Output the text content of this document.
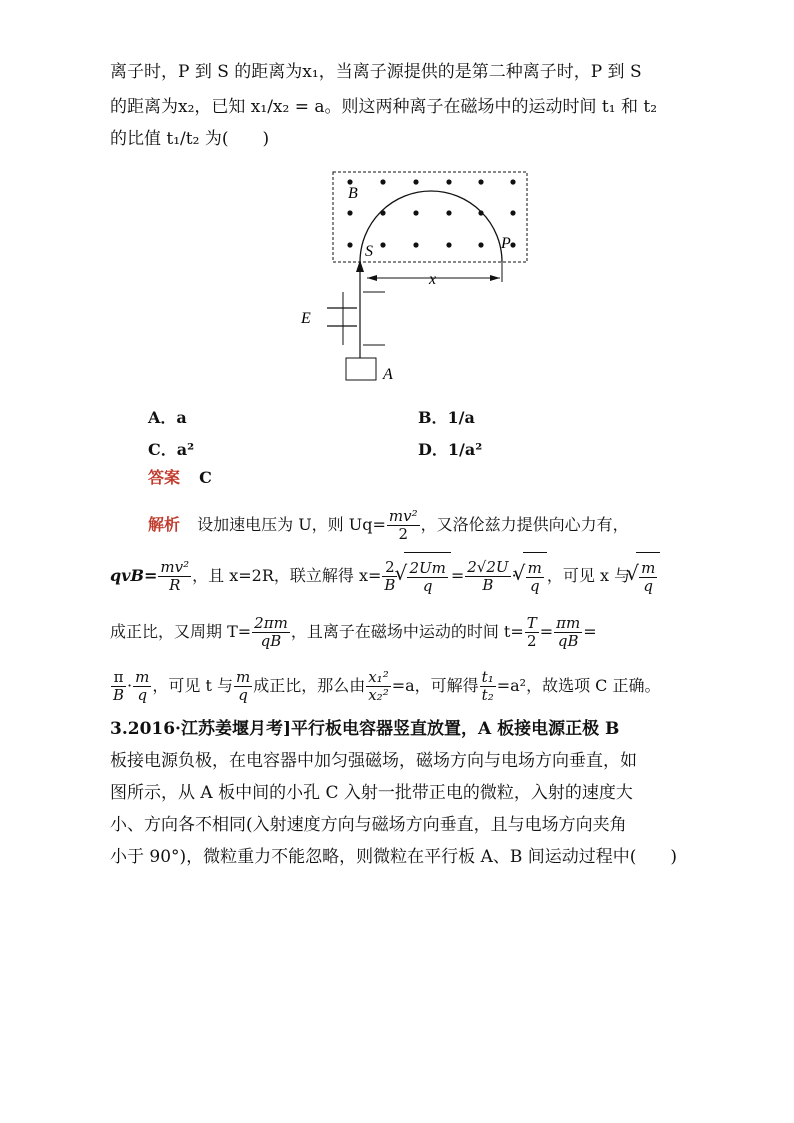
离子时，P 到 S 的距离为x₁，当离子源提供的是第二种离子时，P 到 S
的距离为x₂，已知 x₁/x₂ = a。则这两种离子在磁场中的运动时间 t₁ 和 t₂
的比值 t₁/t₂ 为(　　)
B
S	P
x
E
A
A．a	B．1/a
C．a²	D．1/a²
答案 C
解析 设加速电压为 U，则 $Uq= \frac{\text{mv²}}{2}$ ，又洛伦兹力提供向心力有，
$qvB= \frac{\text{mv²}}{R}$ ，且 x=2R，联立解得 $x= \frac{2}{B}$ √ $\frac{2Um}{q} = \frac{2√2U}{B}$ · √ $\frac{m}{q}$ ，可见 x 与 √ $\frac{m}{q}$
成正比，又周期 $T= \frac{2\pi m}{qB}$ ，且离子在磁场中运动的时间 $t= \frac{T}{2} = \frac{\pi m}{qB}$ =
$\frac{\pi}{B} \cdot \frac{m}{q}$ ，可见 t 与 $\frac{m}{q}$ 成正比，那么由 $\frac{\text{x₁²}}{\text{x₂²}} =a$，可解得 $\frac{\text{t₁}}{\text{t₂}} =a^2$，故选项 C 正确。
3.2016·江苏姜堰月考]平行板电容器竖直放置，A 板接电源正极 B
板接电源负极，在电容器中加匀强磁场，磁场方向与电场方向垂直，如
图所示，从 A 板中间的小孔 C 入射一批带正电的微粒，入射的速度大
小、方向各不相同(入射速度方向与磁场方向垂直，且与电场方向夹角
小于 90°)，微粒重力不能忽略，则微粒在平行板 A、B 间运动过程中(　　)
